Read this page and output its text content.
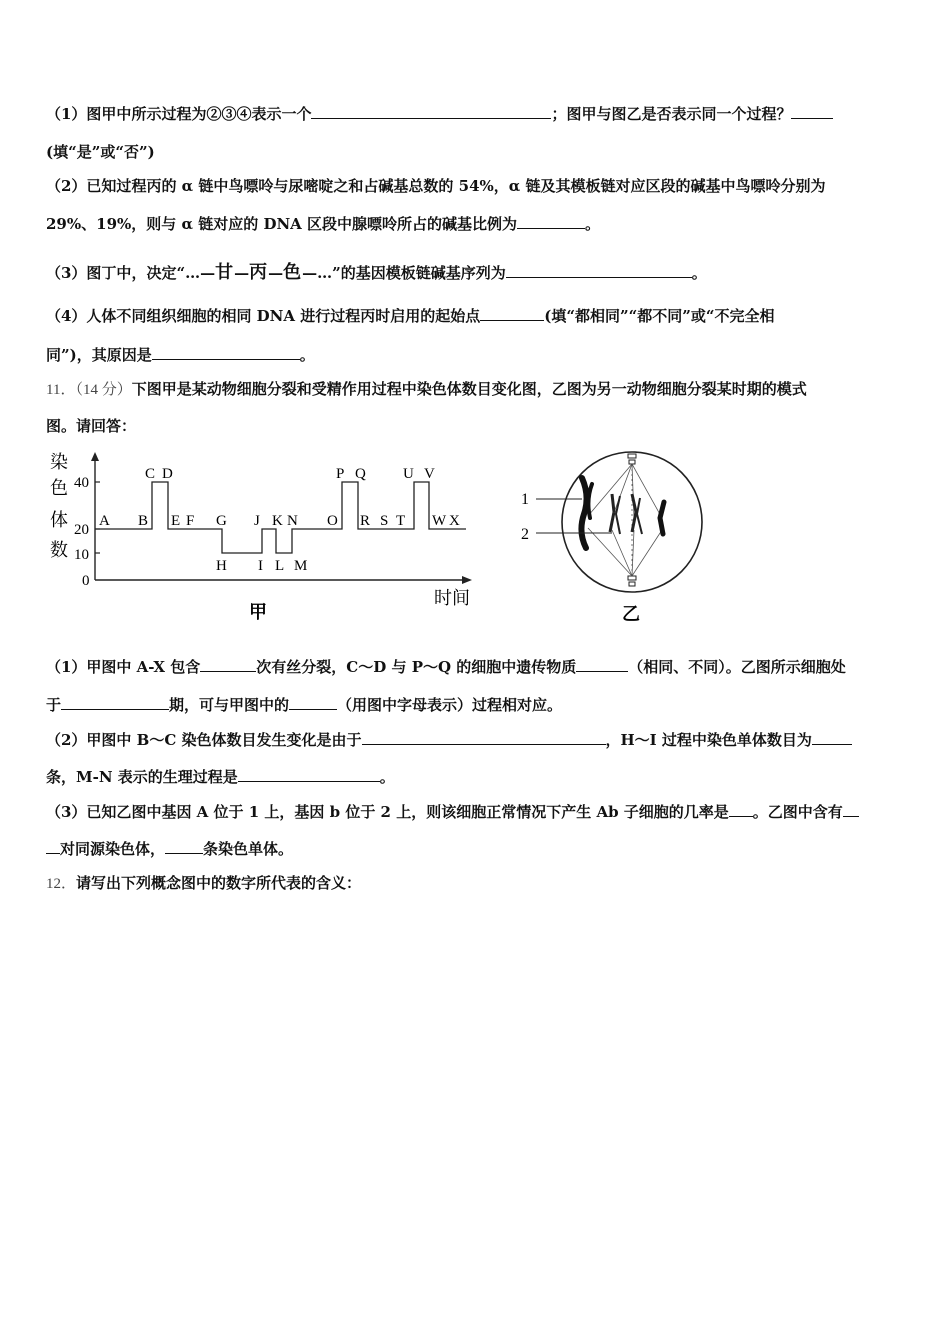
（1）图甲中所示过程为②③④表示一个	；图甲与图乙是否表示同一个过程？
(填“是”或“否”)
（2）已知过程丙的 α 链中鸟嘌呤与尿嘧啶之和占碱基总数的 54%，α 链及其模板链对应区段的碱基中鸟嘌呤分别为
29%、19%，则与 α 链对应的 DNA 区段中腺嘌呤所占的碱基比例为	。
（3）图丁中，决定“…—甘—丙—色—…”的基因模板链碱基序列为	。
（4）人体不同组织细胞的相同 DNA 进行过程丙时启用的起始点	(填“都相同”“都不同”或“不完全相
同”)，其原因是	。
11．（14 分）下图甲是某动物细胞分裂和受精作用过程中染色体数目变化图，乙图为另一动物细胞分裂某时期的模式
图。请回答：
染
色
体
数
40
20
10
0
C D	P Q U V
A B E F G J K N O R S T W X
H I L M
时间
甲
1
2
乙
（1）甲图中 A-X 包含	次有丝分裂，C～D 与 P～Q 的细胞中遗传物质	（相同、不同）。乙图所示细胞处
于	期，可与甲图中的	（用图中字母表示）过程相对应。
（2）甲图中 B～C 染色体数目发生变化是由于	，H～I 过程中染色单体数目为
条，M-N 表示的生理过程是	。
（3）已知乙图中基因 A 位于 1 上，基因 b 位于 2 上，则该细胞正常情况下产生 Ab 子细胞的几率是 。乙图中含有
对同源染色体，	条染色单体。
12．请写出下列概念图中的数字所代表的含义：
